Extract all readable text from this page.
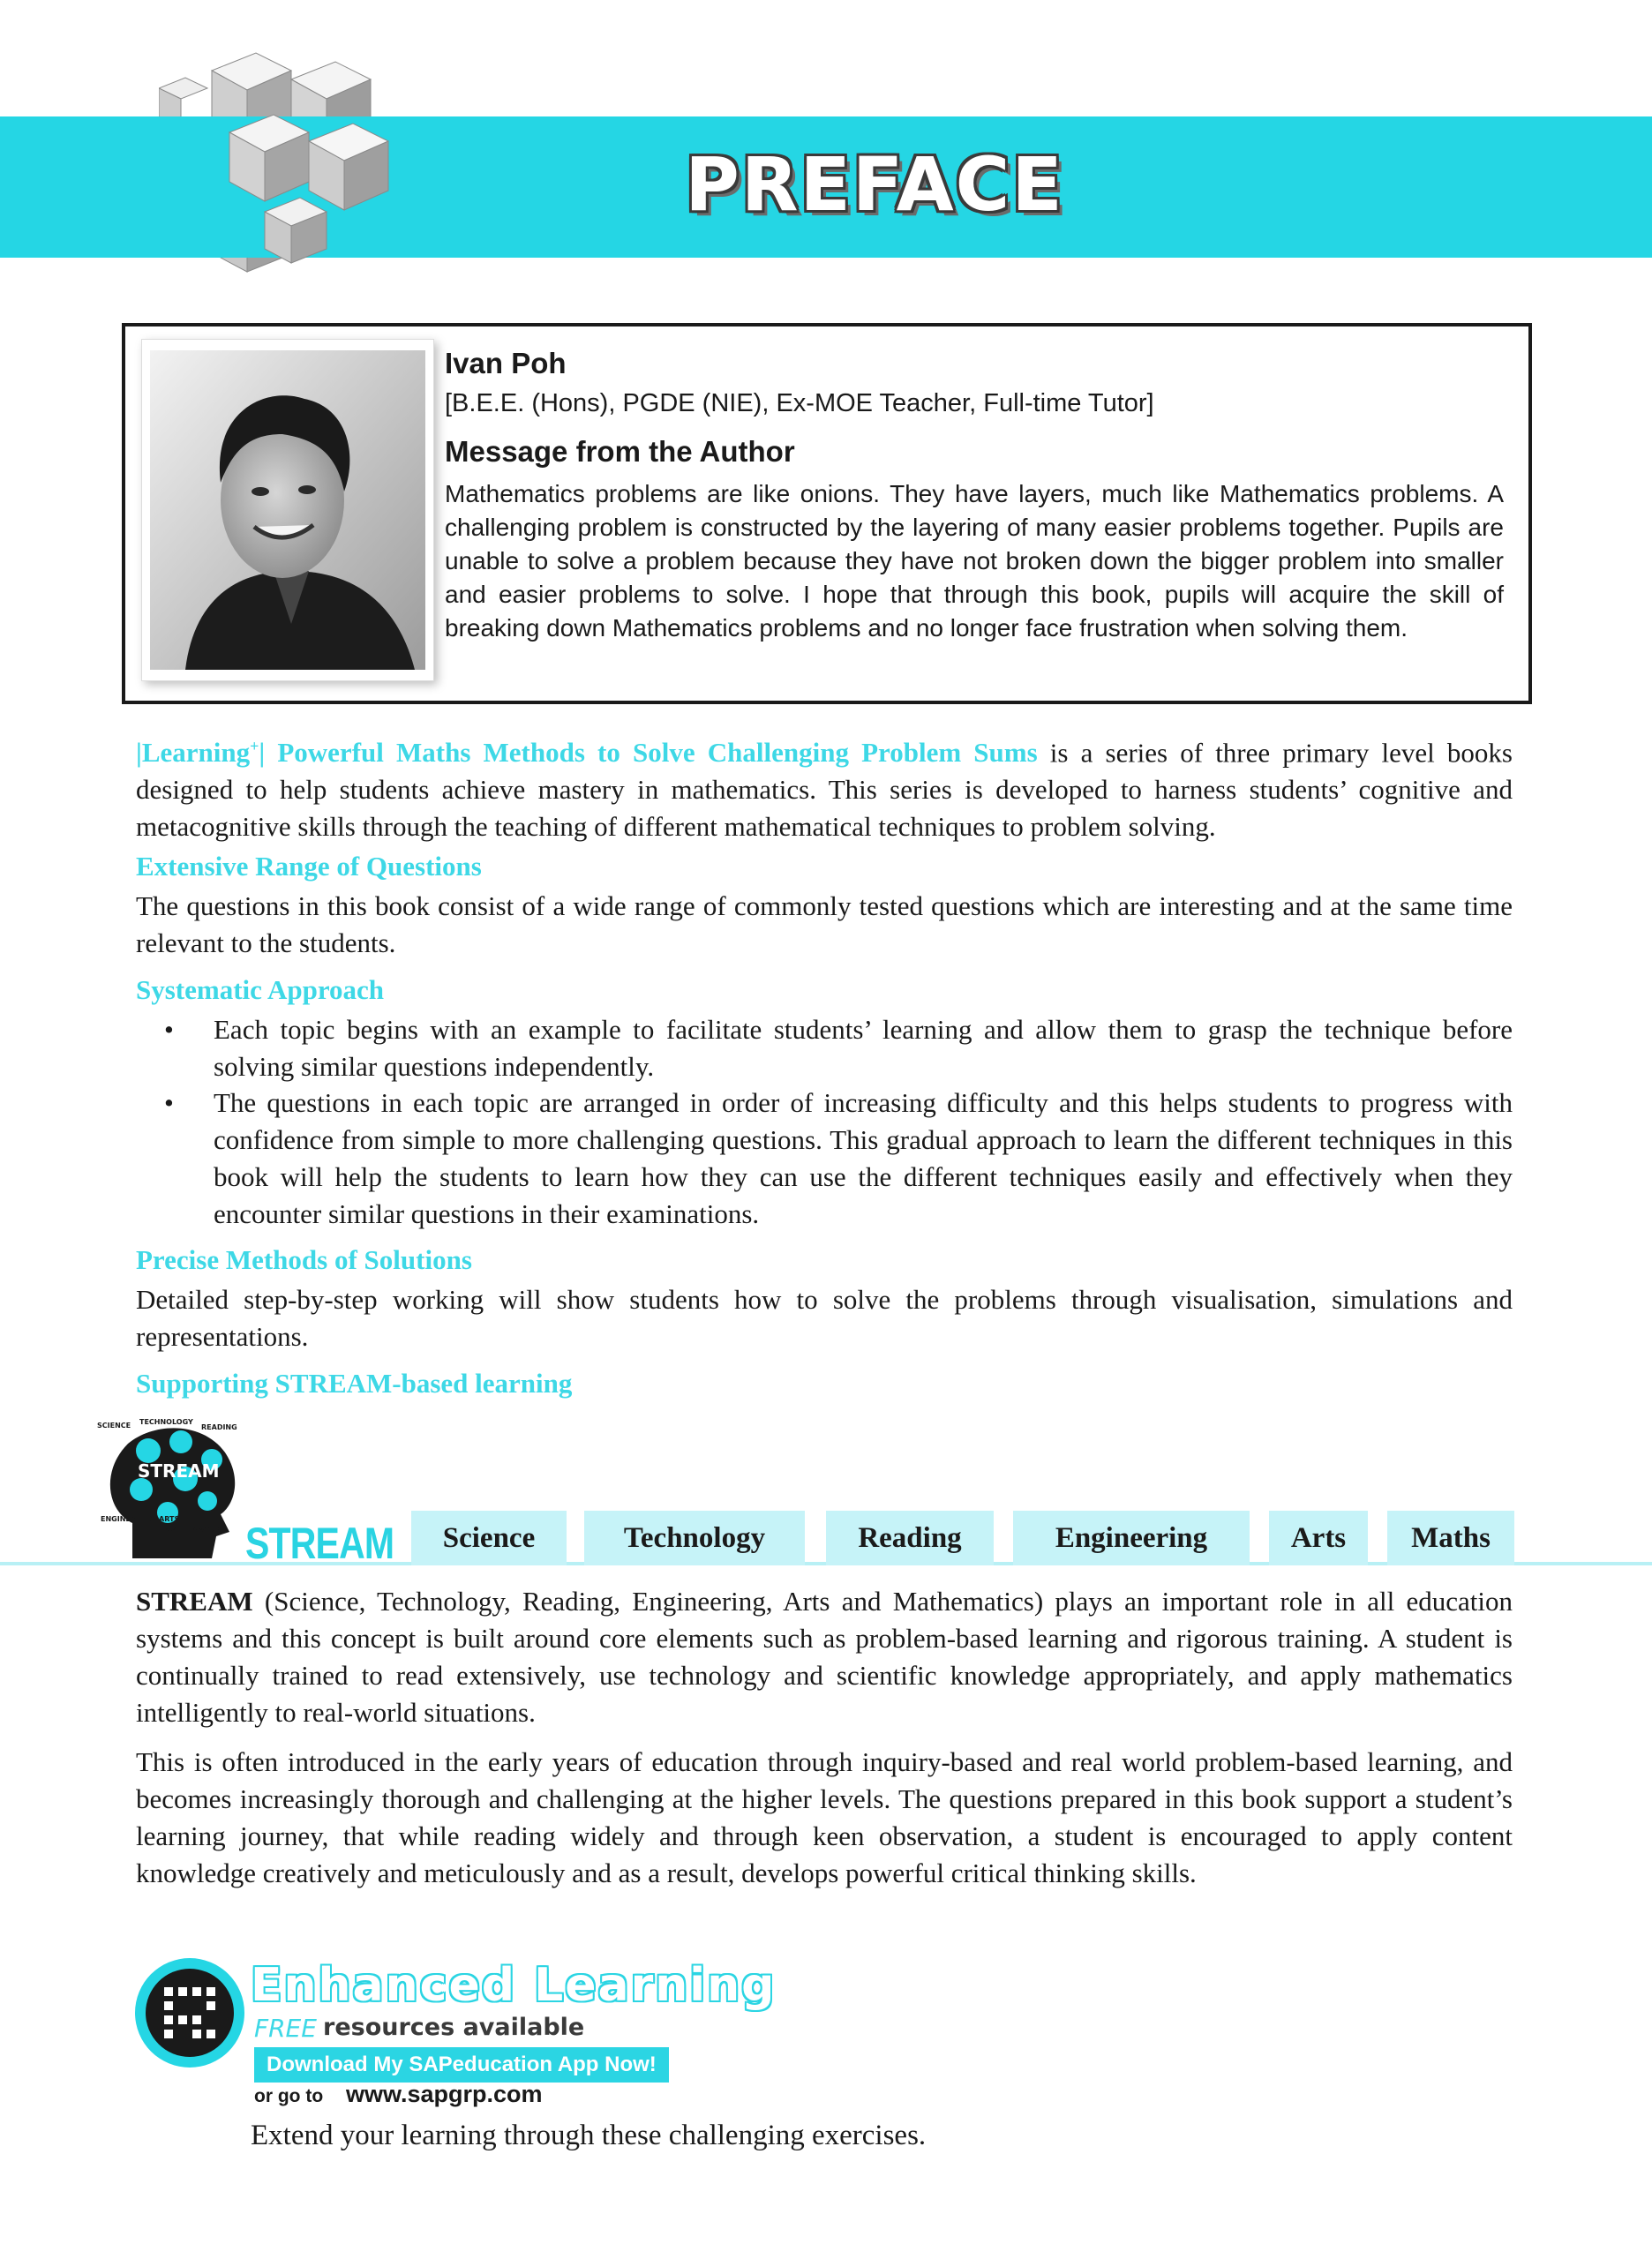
PREFACE
Ivan Poh
[B.E.E. (Hons), PGDE (NIE), Ex-MOE Teacher, Full-time Tutor]
Message from the Author
Mathematics problems are like onions. They have layers, much like Mathematics problems. A challenging problem is constructed by the layering of many easier problems together. Pupils are unable to solve a problem because they have not broken down the bigger problem into smaller and easier problems to solve. I hope that through this book, pupils will acquire the skill of breaking down Mathematics problems and no longer face frustration when solving them.
|Learning+| Powerful Maths Methods to Solve Challenging Problem Sums is a series of three primary level books designed to help students achieve mastery in mathematics. This series is developed to harness students’ cognitive and metacognitive skills through the teaching of different mathematical techniques to problem solving.
Extensive Range of Questions
The questions in this book consist of a wide range of commonly tested questions which are interesting and at the same time relevant to the students.
Systematic Approach
• Each topic begins with an example to facilitate students’ learning and allow them to grasp the technique before solving similar questions independently.
• The questions in each topic are arranged in order of increasing difficulty and this helps students to progress with confidence from simple to more challenging questions. This gradual approach to learn the different techniques in this book will help the students to learn how they can use the different techniques easily and effectively when they encounter similar questions in their examinations.
Precise Methods of Solutions
Detailed step-by-step working will show students how to solve the problems through visualisation, simulations and representations.
Supporting STREAM-based learning
SCIENCE TECHNOLOGY
READING
ENGINEERING ARTS
MATHEMATICS
STREAM
STREAM	Science	Technology	Reading	Engineering	Arts	Maths
STREAM (Science, Technology, Reading, Engineering, Arts and Mathematics) plays an important role in all education systems and this concept is built around core elements such as problem-based learning and rigorous training. A student is continually trained to read extensively, use technology and scientific knowledge appropriately, and apply mathematics intelligently to real-world situations.
This is often introduced in the early years of education through inquiry-based and real world problem-based learning, and becomes increasingly thorough and challenging at the higher levels. The questions prepared in this book support a student’s learning journey, that while reading widely and through keen observation, a student is encouraged to apply content knowledge creatively and meticulously and as a result, develops powerful critical thinking skills.
Enhanced Learning
FREE resources available
Download My SAPeducation App Now!
or go to www.sapgrp.com
Extend your learning through these challenging exercises.
